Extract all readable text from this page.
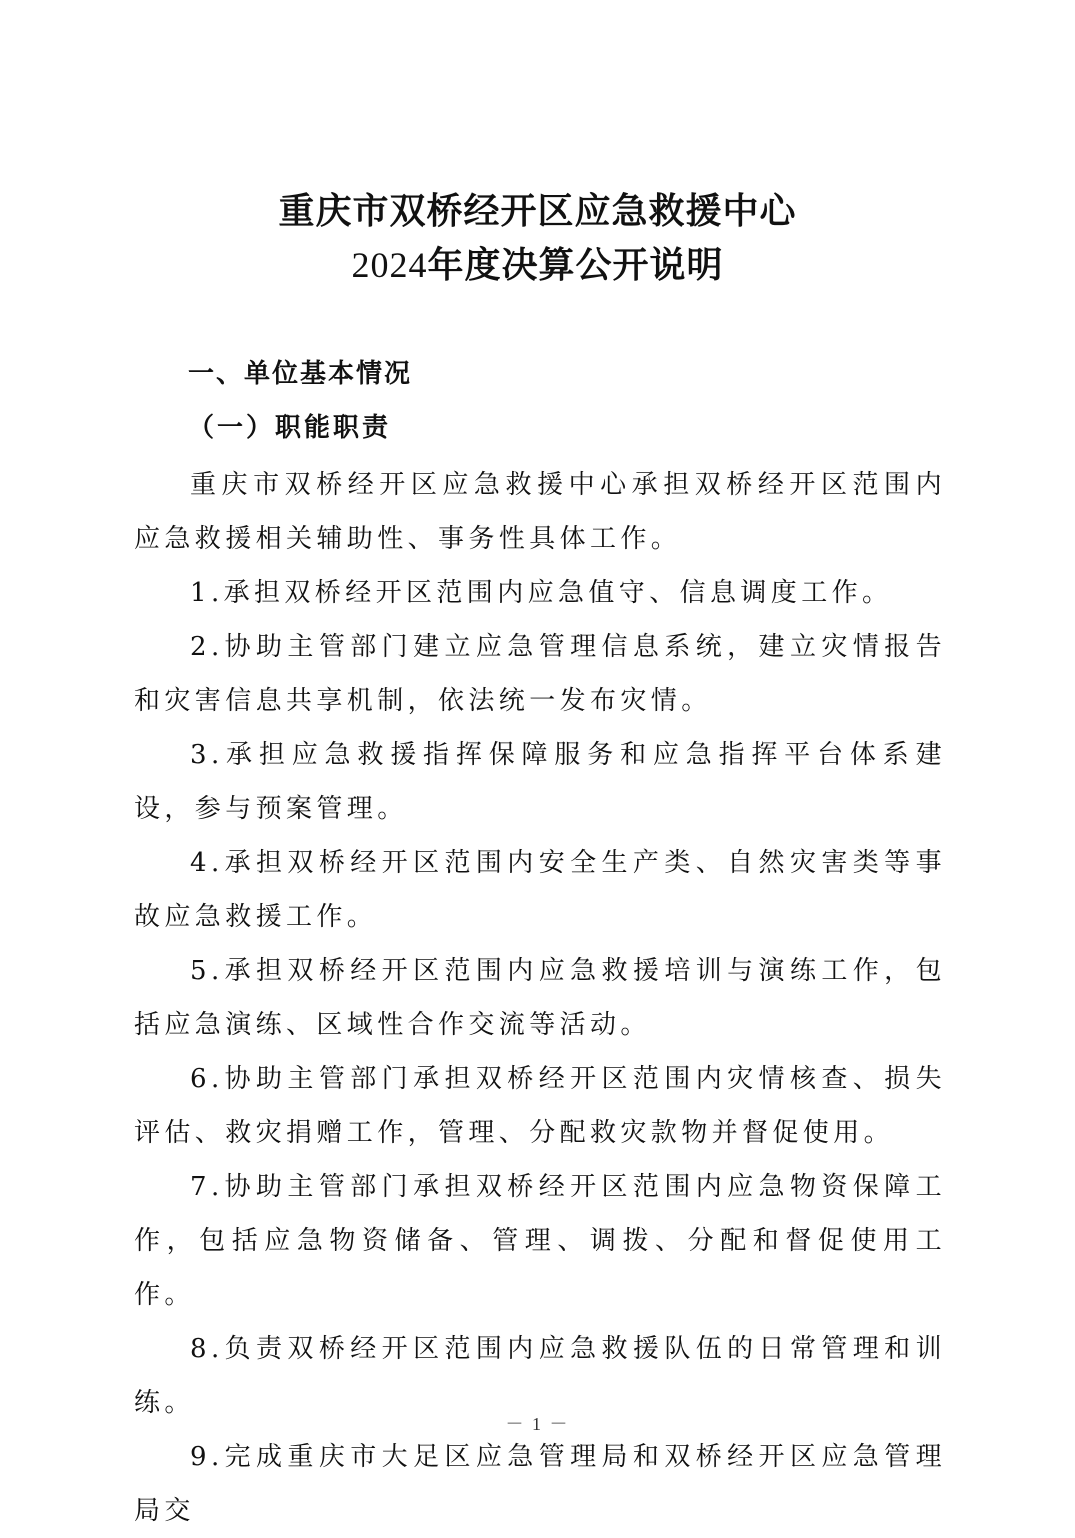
重庆市双桥经开区应急救援中心
2024年度决算公开说明
一、单位基本情况
（一）职能职责

重庆市双桥经开区应急救援中心承担双桥经开区范围内应急救援相关辅助性、事务性具体工作。

1.承担双桥经开区范围内应急值守、信息调度工作。

2.协助主管部门建立应急管理信息系统，建立灾情报告和灾害信息共享机制，依法统一发布灾情。

3.承担应急救援指挥保障服务和应急指挥平台体系建设，参与预案管理。

4.承担双桥经开区范围内安全生产类、自然灾害类等事故应急救援工作。

5.承担双桥经开区范围内应急救援培训与演练工作，包括应急演练、区域性合作交流等活动。

6.协助主管部门承担双桥经开区范围内灾情核查、损失评估、救灾捐赠工作，管理、分配救灾款物并督促使用。

7.协助主管部门承担双桥经开区范围内应急物资保障工作，包括应急物资储备、管理、调拨、分配和督促使用工作。

8.负责双桥经开区范围内应急救援队伍的日常管理和训练。

9.完成重庆市大足区应急管理局和双桥经开区应急管理局交

－ 1 －
